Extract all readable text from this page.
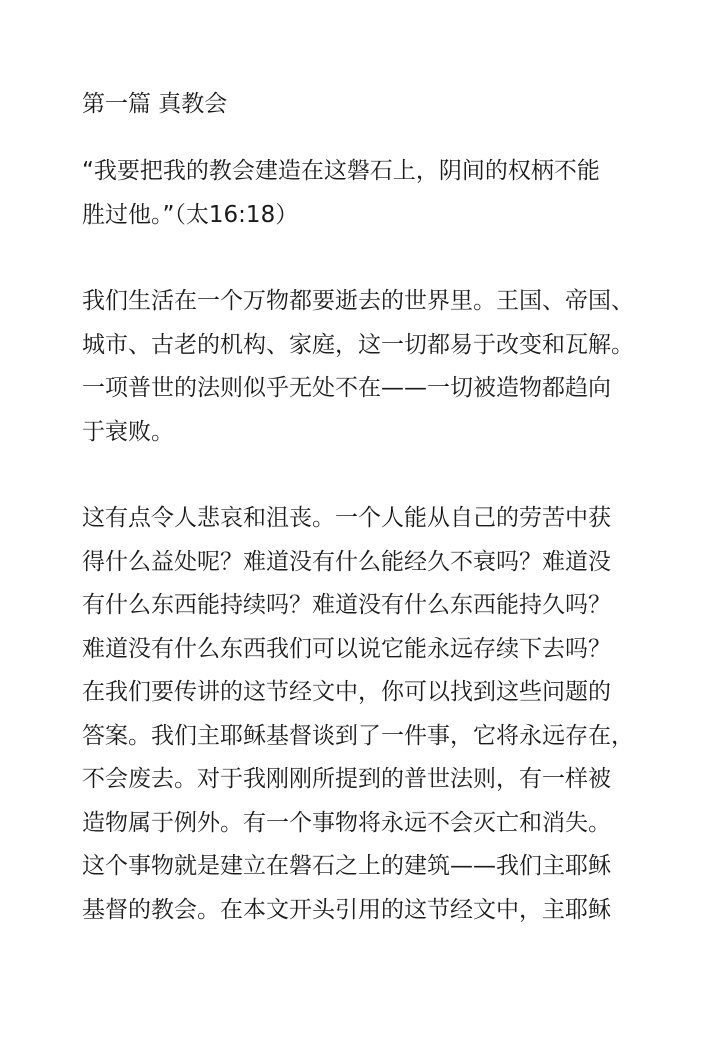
第一篇 真教会

“我要把我的教会建造在这磐石上，阴间的权柄不能
胜过他。”（太16:18）

我们生活在一个万物都要逝去的世界里。王国、帝国、
城市、古老的机构、家庭，这一切都易于改变和瓦解。
一项普世的法则似乎无处不在——一切被造物都趋向
于衰败。

这有点令人悲哀和沮丧。一个人能从自己的劳苦中获
得什么益处呢？难道没有什么能经久不衰吗？难道没
有什么东西能持续吗？难道没有什么东西能持久吗？
难道没有什么东西我们可以说它能永远存续下去吗？
在我们要传讲的这节经文中，你可以找到这些问题的
答案。我们主耶稣基督谈到了一件事，它将永远存在，
不会废去。对于我刚刚所提到的普世法则，有一样被
造物属于例外。有一个事物将永远不会灭亡和消失。
这个事物就是建立在磐石之上的建筑——我们主耶稣
基督的教会。在本文开头引用的这节经文中，主耶稣
